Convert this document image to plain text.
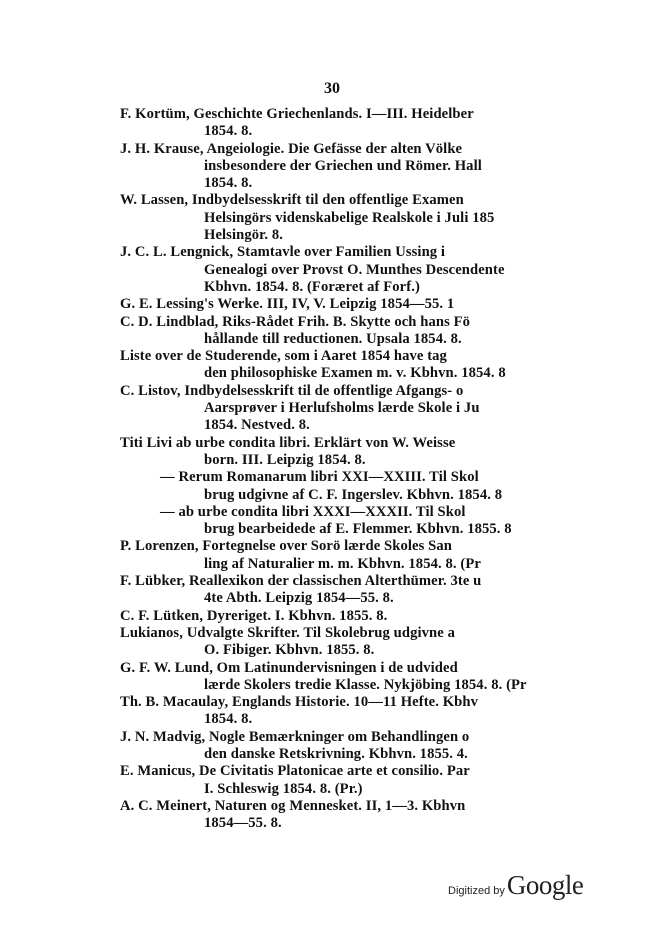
30
F. Kortüm, Geschichte Griechenlands. I—III. Heidelber
1854. 8.
J. H. Krause, Angeiologie. Die Gefässe der alten Völke
insbesondere der Griechen und Römer. Hall
1854. 8.
W. Lassen, Indbydelsesskrift til den offentlige Examen
Helsingörs videnskabelige Realskole i Juli 185
Helsingör. 8.
J. C. L. Lengnick, Stamtavle over Familien Ussing i
Genealogi over Provst O. Munthes Descendente
Kbhvn. 1854. 8. (Foræret af Forf.)
G. E. Lessing's Werke. III, IV, V. Leipzig 1854—55. 1
C. D. Lindblad, Riks-Rådet Frih. B. Skytte och hans Fö
hållande till reductionen. Upsala 1854. 8.
Liste over de Studerende, som i Aaret 1854 have tag
den philosophiske Examen m. v. Kbhvn. 1854. 8
C. Listov, Indbydelsesskrift til de offentlige Afgangs- o
Aarsprøver i Herlufsholms lærde Skole i Ju
1854. Nestved. 8.
Titi Livi ab urbe condita libri. Erklärt von W. Weisse
born. III. Leipzig 1854. 8.
— Rerum Romanarum libri XXI—XXIII. Til Skol
brug udgivne af C. F. Ingerslev. Kbhvn. 1854. 8
— ab urbe condita libri XXXI—XXXII. Til Skol
brug bearbeidede af E. Flemmer. Kbhvn. 1855. 8
P. Lorenzen, Fortegnelse over Sorö lærde Skoles San
ling af Naturalier m. m. Kbhvn. 1854. 8. (Pr
F. Lübker, Reallexikon der classischen Alterthümer. 3te u
4te Abth. Leipzig 1854—55. 8.
C. F. Lütken, Dyreriget. I. Kbhvn. 1855. 8.
Lukianos, Udvalgte Skrifter. Til Skolebrug udgivne a
O. Fibiger. Kbhvn. 1855. 8.
G. F. W. Lund, Om Latinundervisningen i de udvided
lærde Skolers tredie Klasse. Nykjöbing 1854. 8. (Pr
Th. B. Macaulay, Englands Historie. 10—11 Hefte. Kbhv
1854. 8.
J. N. Madvig, Nogle Bemærkninger om Behandlingen o
den danske Retskrivning. Kbhvn. 1855. 4.
E. Manicus, De Civitatis Platonicae arte et consilio. Par
I. Schleswig 1854. 8. (Pr.)
A. C. Meinert, Naturen og Mennesket. II, 1—3. Kbhvn
1854—55. 8.
Digitized by Google
